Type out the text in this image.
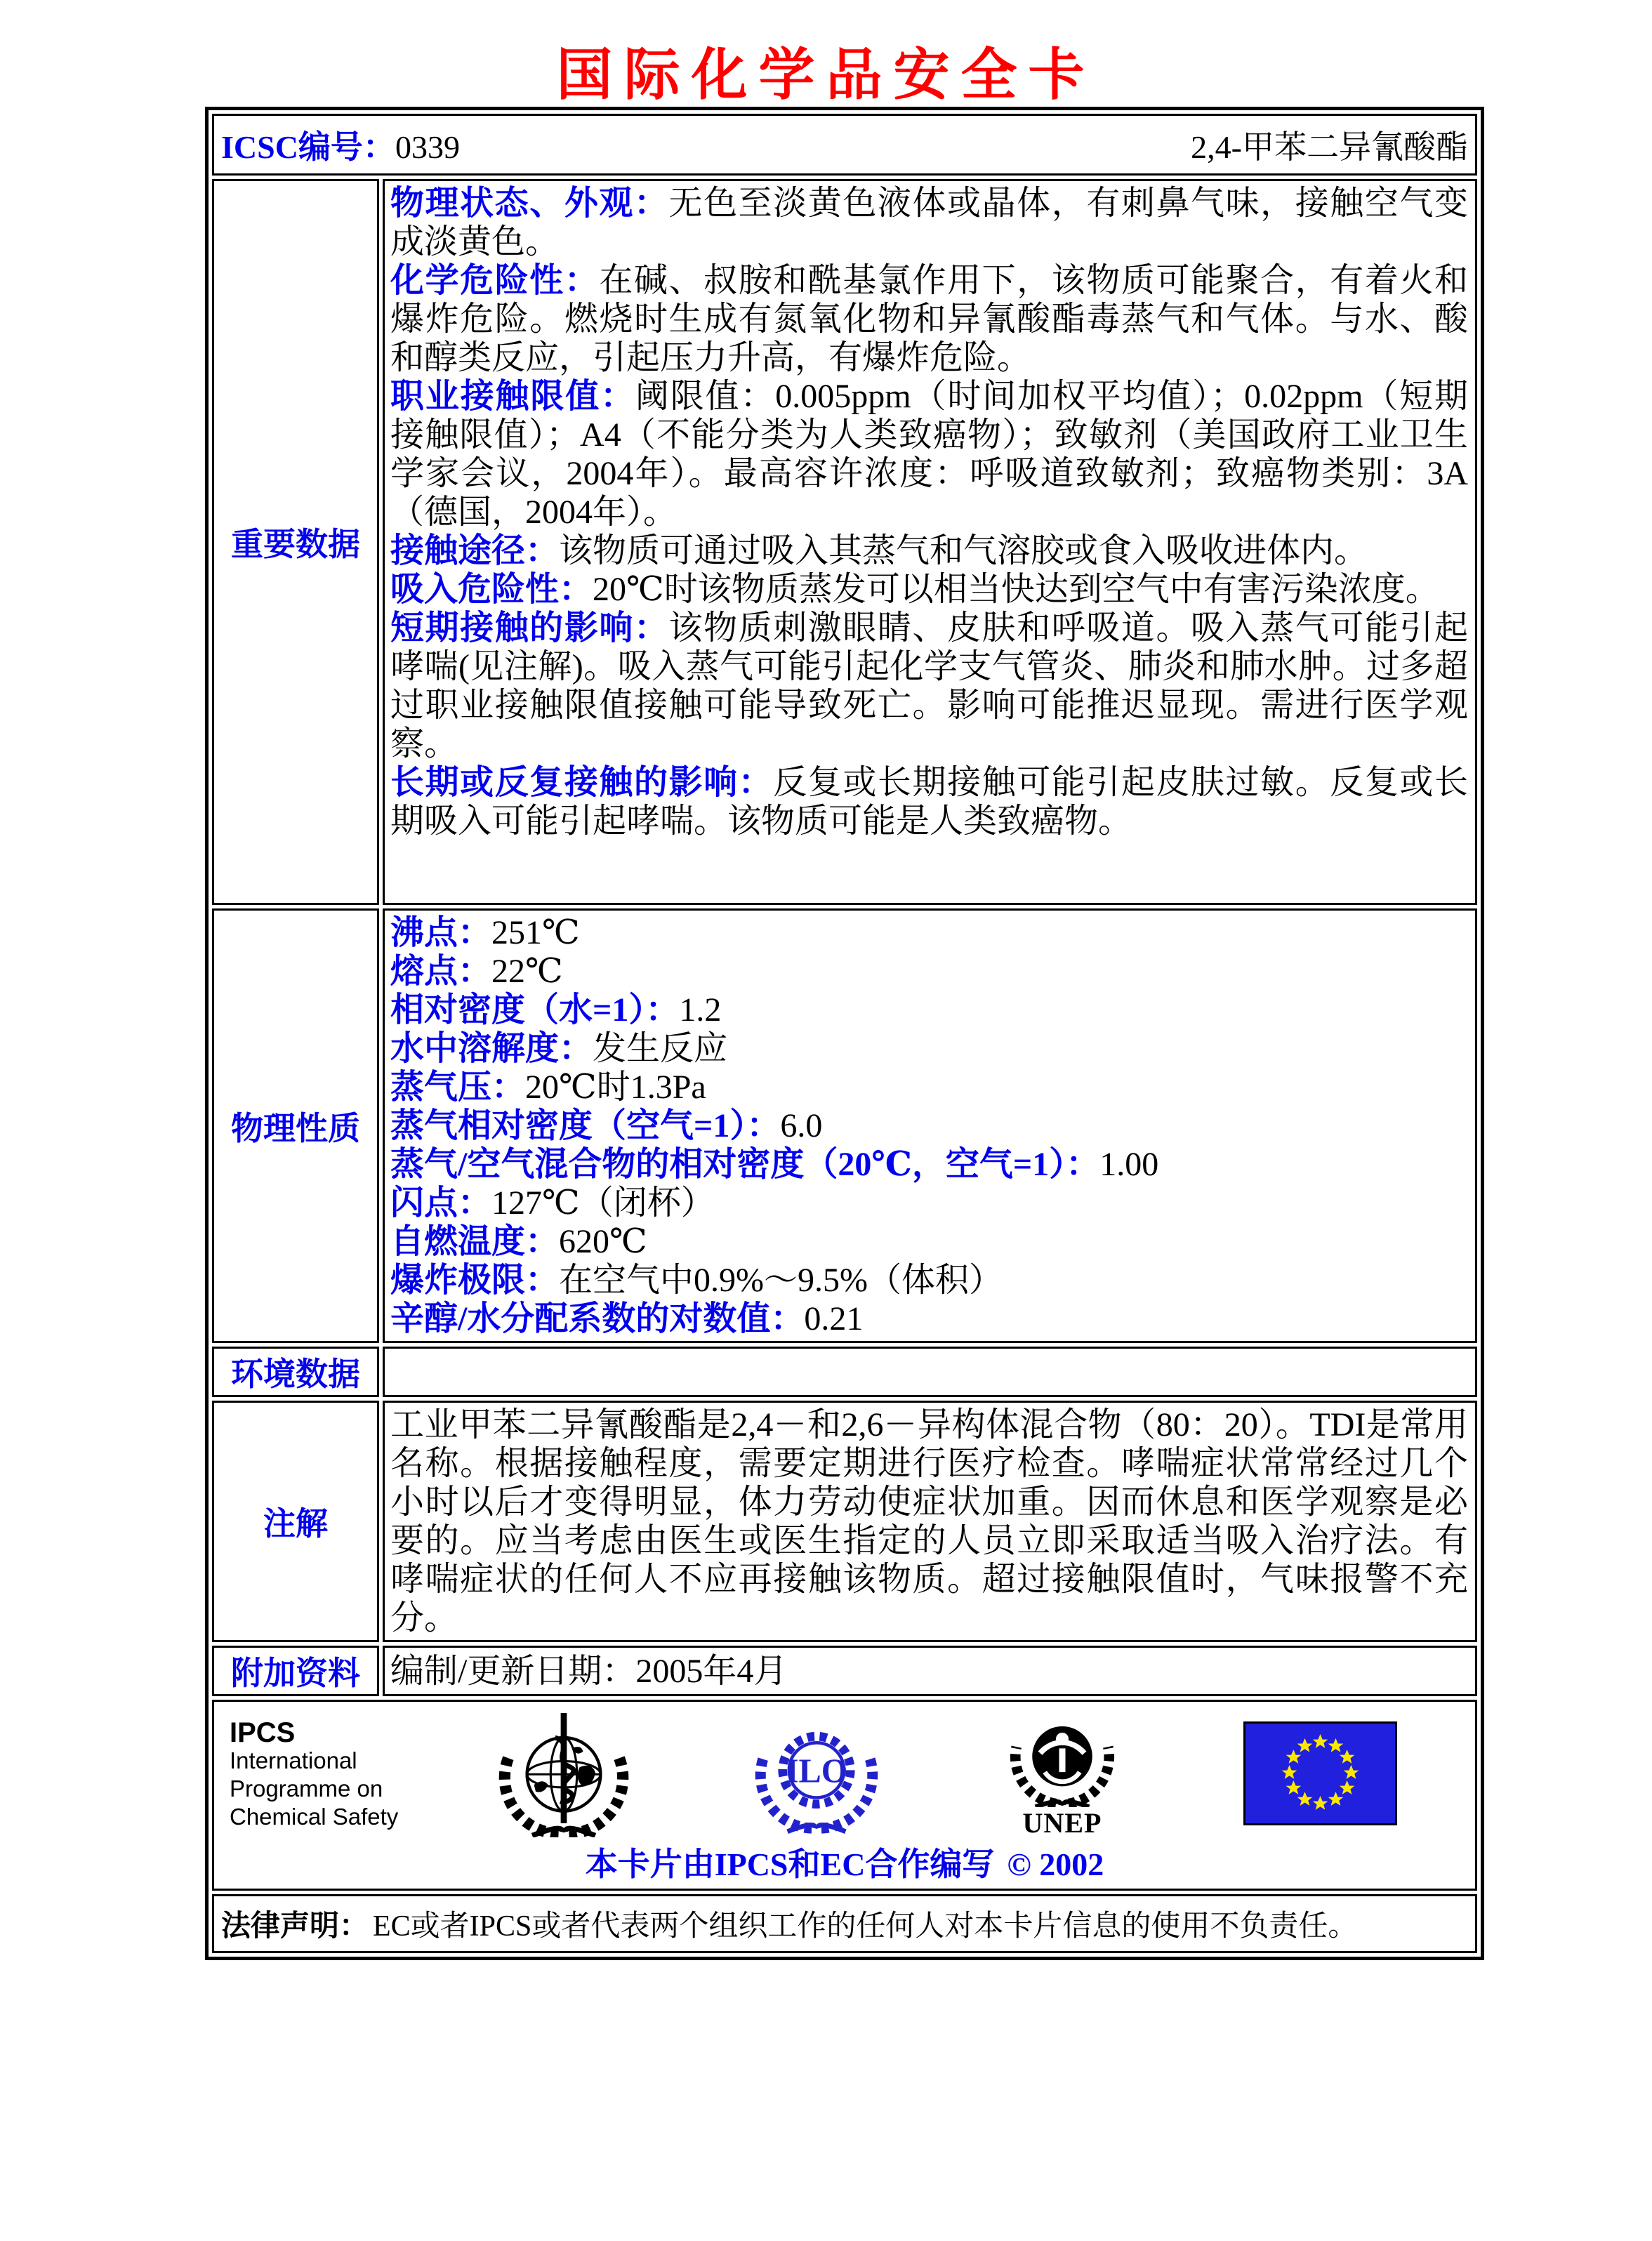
国际化学品安全卡
ICSC编号：0339	2,4-甲苯二异氰酸酯
重要数据

物理状态、外观：无色至淡黄色液体或晶体，有刺鼻气味，接触空气变成淡黄色。

化学危险性：在碱、叔胺和酰基氯作用下，该物质可能聚合，有着火和爆炸危险。燃烧时生成有氮氧化物和异氰酸酯毒蒸气和气体。与水、酸和醇类反应，引起压力升高，有爆炸危险。

职业接触限值：阈限值：0.005ppm（时间加权平均值）；0.02ppm（短期接触限值）；A4（不能分类为人类致癌物）；致敏剂（美国政府工业卫生学家会议，2004年）。最高容许浓度：呼吸道致敏剂；致癌物类别：3A（德国，2004年）。

接触途径：该物质可通过吸入其蒸气和气溶胶或食入吸收进体内。

吸入危险性：20℃时该物质蒸发可以相当快达到空气中有害污染浓度。

短期接触的影响：该物质刺激眼睛、皮肤和呼吸道。吸入蒸气可能引起哮喘(见注解)。吸入蒸气可能引起化学支气管炎、肺炎和肺水肿。过多超过职业接触限值接触可能导致死亡。影响可能推迟显现。需进行医学观察。

长期或反复接触的影响：反复或长期接触可能引起皮肤过敏。反复或长期吸入可能引起哮喘。该物质可能是人类致癌物。

物理性质

沸点：251℃

熔点：22℃

相对密度（水=1）：1.2

水中溶解度：发生反应

蒸气压：20℃时1.3Pa

蒸气相对密度（空气=1）：6.0

蒸气/空气混合物的相对密度（20℃，空气=1）：1.00

闪点：127℃（闭杯）

自燃温度：620℃

爆炸极限：在空气中0.9%～9.5%（体积）

辛醇/水分配系数的对数值：0.21

环境数据
注解

工业甲苯二异氰酸酯是2,4－和2,6－异构体混合物（80：20）。TDI是常用名称。根据接触程度，需要定期进行医疗检查。哮喘症状常常经过几个小时以后才变得明显，体力劳动使症状加重。因而休息和医学观察是必要的。应当考虑由医生或医生指定的人员立即采取适当吸入治疗法。有哮喘症状的任何人不应再接触该物质。超过接触限值时，气味报警不充分。

附加资料 编制/更新日期：2005年4月

IPCS
International
Programme on
Chemical Safety
ILO
UNEP
本卡片由IPCS和EC合作编写 © 2002
法律声明： EC或者IPCS或者代表两个组织工作的任何人对本卡片信息的使用不负责任。
